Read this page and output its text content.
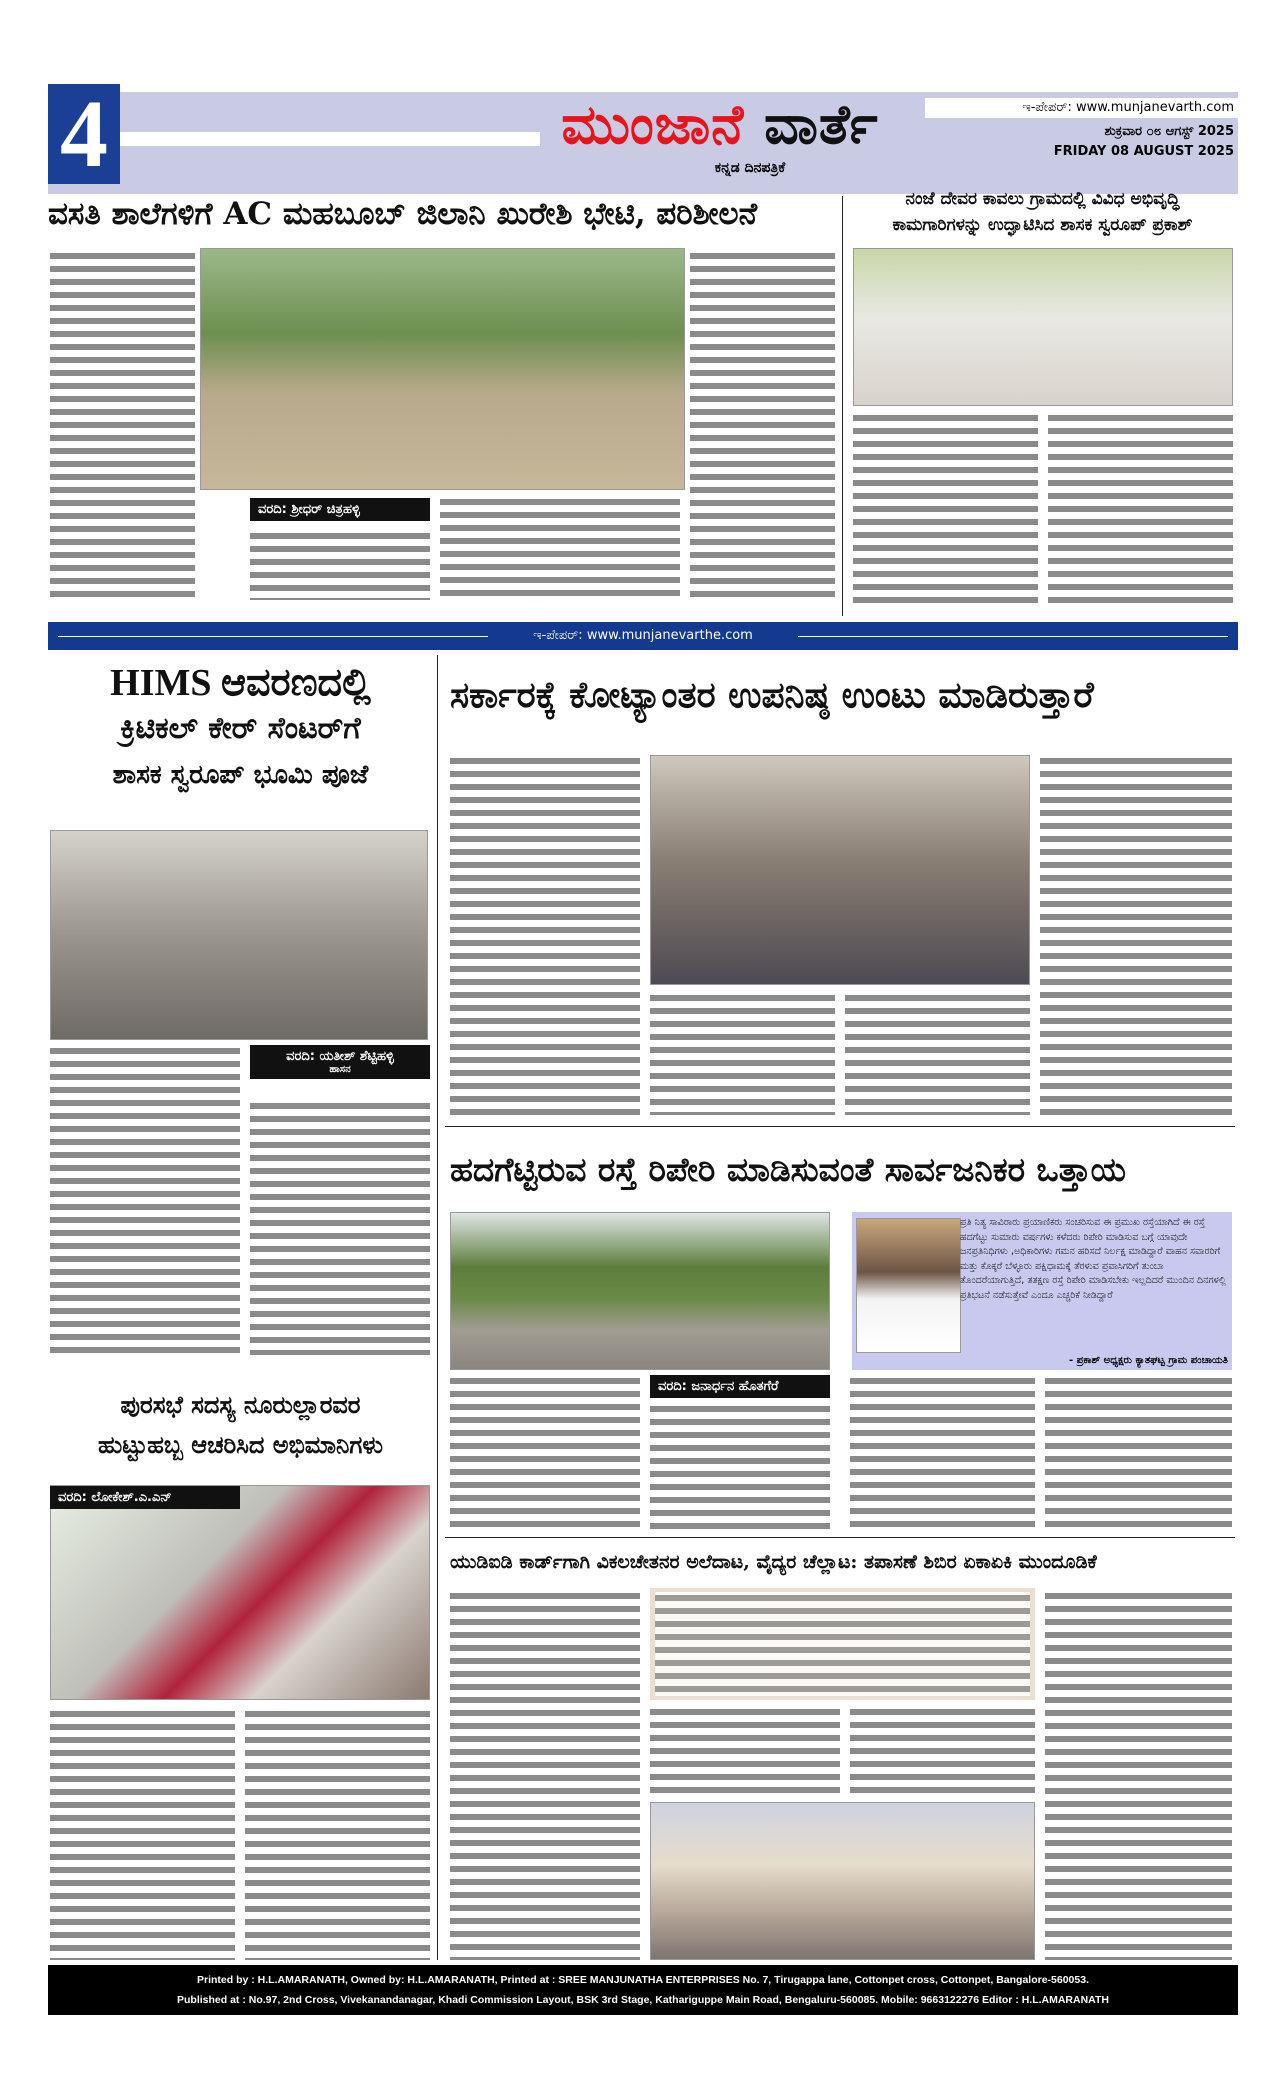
4	ಮುಂಜಾನೆ ವಾರ್ತೆ
ಕನ್ನಡ ದಿನಪತ್ರಿಕೆ
ಇ-ಪೇಪರ್: www.munjanevarth.com
ಶುಕ್ರವಾರ ೦೮ ಆಗಸ್ಟ್ 2025
FRIDAY 08 AUGUST 2025
ವಸತಿ ಶಾಲೆಗಳಿಗೆ AC ಮಹಬೂಬ್ ಜಿಲಾನಿ ಖುರೇಶಿ ಭೇಟಿ, ಪರಿಶೀಲನೆ
ವರದಿ: ಶ್ರೀಧರ್ ಚಿತ್ರಹಳ್ಳಿ
ನಂಜೆ ದೇವರ ಕಾವಲು ಗ್ರಾಮದಲ್ಲಿ ವಿವಿಧ ಅಭಿವೃದ್ಧಿ
ಕಾಮಗಾರಿಗಳನ್ನು ಉದ್ಘಾಟಿಸಿದ ಶಾಸಕ ಸ್ವರೂಪ್ ಪ್ರಕಾಶ್
ಇ-ಪೇಪರ್: www.munjanevarthe.com
HIMS ಆವರಣದಲ್ಲಿ
ಕ್ರಿಟಿಕಲ್ ಕೇರ್ ಸೆಂಟರ್‌ಗೆ
ಶಾಸಕ ಸ್ವರೂಪ್ ಭೂಮಿ ಪೂಜೆ
ವರದಿ: ಯತೀಶ್ ಶೆಟ್ಟಿಹಳ್ಳಿ
ಹಾಸನ
ಸರ್ಕಾರಕ್ಕೆ ಕೋಟ್ಯಾಂತರ ಉಪನಿಷ್ಠ ಉಂಟು ಮಾಡಿರುತ್ತಾರೆ
ಹದಗೆಟ್ಟಿರುವ ರಸ್ತೆ ರಿಪೇರಿ ಮಾಡಿಸುವಂತೆ ಸಾರ್ವಜನಿಕರ ಒತ್ತಾಯ
ಪ್ರತಿ ನಿತ್ಯ ಸಾವಿರಾರು ಪ್ರಯಾಣಿಕರು ಸಂಚರಿಸುವ ಈ ಪ್ರಮುಖ ರಸ್ತೆಯಾಗಿದೆ ಈ ರಸ್ತೆ ಹದಗೆಟ್ಟು ಸುಮಾರು ವರ್ಷಗಳು ಕಳೆದರು ರಿಪೇರಿ ಮಾಡಿಸುವ ಬಗ್ಗೆ ಯಾವುದೇ ಜನಪ್ರತಿನಿಧಿಗಳು ,ಅಧಿಕಾರಿಗಳು ಗಮನ ಹರಿಸದೆ ನಿರ್ಲಕ್ಷ ಮಾಡಿದ್ದಾರೆ ವಾಹನ ಸವಾರರಿಗೆ ಮತ್ತು ಕೊಕ್ಕರೆ ಬೆಳ್ಳೂರು ಪಕ್ಷಿಧಾಮಕ್ಕೆ ತೆರಳುವ ಪ್ರವಾಸಿಗರಿಗೆ ತುಂಬಾ ತೊಂದರೆಯಾಗುತ್ತಿದೆ, ತತಕ್ಷಣ ರಸ್ತೆ ರಿಪೇರಿ ಮಾಡಿಸಬೇಕು ಇಲ್ಲದಿದರೆ ಮುಂದಿನ ದಿನಗಳಲ್ಲಿ ಪ್ರತಿಭಟನೆ ನಡೆಸುತ್ತೇವೆ ಎಂದೂ ಎಚ್ಚರಿಕೆ ನೀಡಿದ್ದಾರೆ
- ಪ್ರಕಾಶ್ ಅಧ್ಯಕ್ಷರು ಕ್ಯಾತಘಟ್ಟ ಗ್ರಾಮ ಪಂಚಾಯತಿ
ವರದಿ: ಜನಾರ್ಧನ ಹೊತಗೆರೆ
ಪುರಸಭೆ ಸದಸ್ಯ ನೂರುಲ್ಲಾರವರ
ಹುಟ್ಟುಹಬ್ಬ ಆಚರಿಸಿದ ಅಭಿಮಾನಿಗಳು
ವರದಿ: ಲೋಕೇಶ್.ಎ.ಎನ್
ಯುಡಿಐಡಿ ಕಾರ್ಡ್‌ಗಾಗಿ ವಿಕಲಚೇತನರ ಅಲೆದಾಟ, ವೈದ್ಯರ ಚೆಲ್ಲಾಟ: ತಪಾಸಣೆ ಶಿಬಿರ ಏಕಾಏಕಿ ಮುಂದೂಡಿಕೆ
Printed by : H.L.AMARANATH, Owned by: H.L.AMARANATH, Printed at : SREE MANJUNATHA ENTERPRISES No. 7, Tirugappa lane, Cottonpet cross, Cottonpet, Bangalore-560053.
Published at : No.97, 2nd Cross, Vivekanandanagar, Khadi Commission Layout, BSK 3rd Stage, Kathariguppe Main Road, Bengaluru-560085. Mobile: 9663122276 Editor : H.L.AMARANATH
